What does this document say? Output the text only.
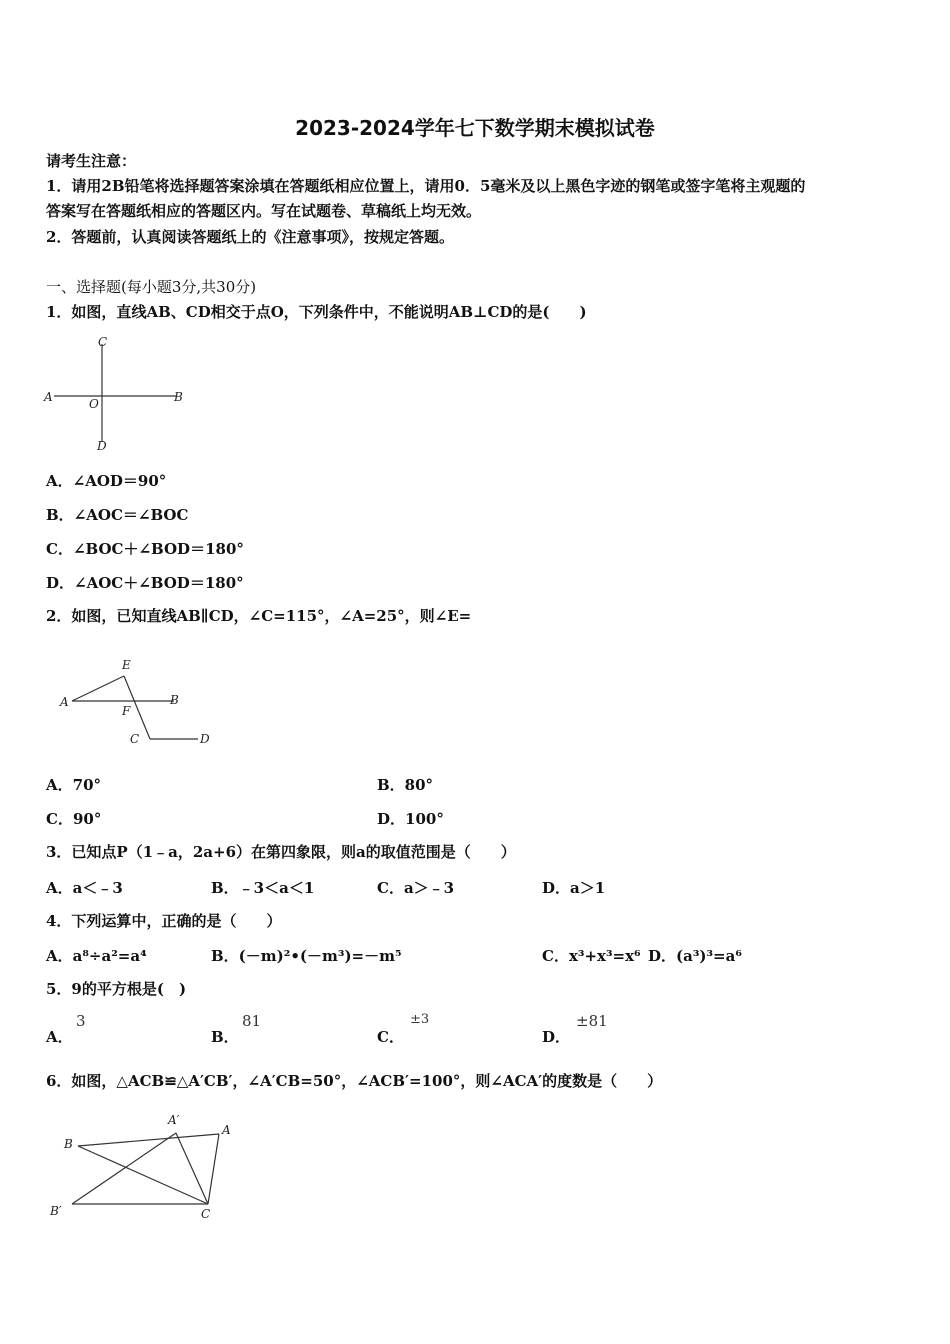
2023-2024学年七下数学期末模拟试卷
请考生注意：
1．请用2B铅笔将选择题答案涂填在答题纸相应位置上，请用0．5毫米及以上黑色字迹的钢笔或签字笔将主观题的
答案写在答题纸相应的答题区内。写在试题卷、草稿纸上均无效。
2．答题前，认真阅读答题纸上的《注意事项》，按规定答题。
一、选择题(每小题3分,共30分)
1．如图，直线AB、CD相交于点O，下列条件中，不能说明AB⊥CD的是(　　)
A	B
C
D
O
A．∠AOD＝90°
B．∠AOC＝∠BOC
C．∠BOC＋∠BOD＝180°
D．∠AOC＋∠BOD＝180°
2．如图，已知直线AB∥CD，∠C=115°，∠A=25°，则∠E=
A	B
E
F
C	D
A．70°	B．80°
C．90°	D．100°
3．已知点P（1﹣a，2a+6）在第四象限，则a的取值范围是（　　）
A．a＜﹣3	B．﹣3＜a＜1	C．a＞﹣3	D．a＞1
4．下列运算中，正确的是（　　）
A．a⁸÷a²=a⁴	B．(－m)²•(－m³)=－m⁵	C．x³+x³=x⁶ D．(a³)³=a⁶
5．9的平方根是(　)
A．
3
B．
81
C．
±3
D．
±81
6．如图，△ACB≌△A′CB′，∠A′CB=50°，∠ACB′=100°，则∠ACA′的度数是（　　）
B
A′
A
B′	C
